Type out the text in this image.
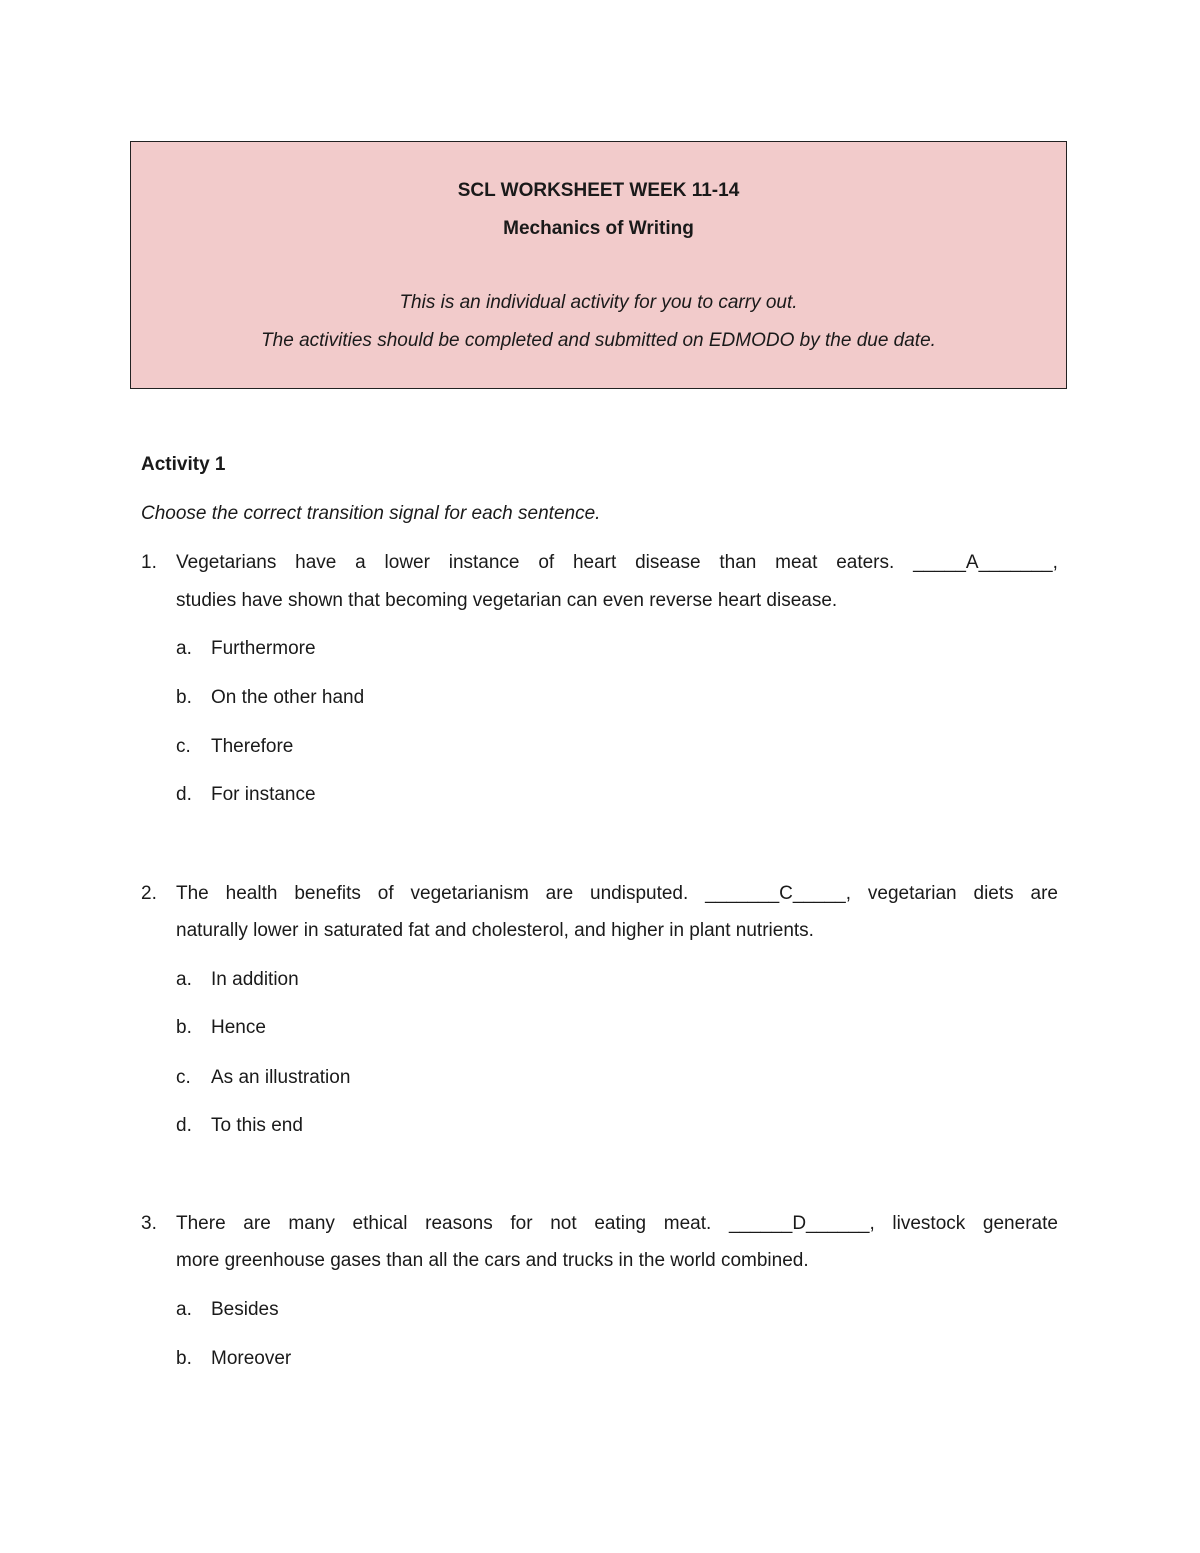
SCL WORKSHEET WEEK 11-14
Mechanics of Writing
This is an individual activity for you to carry out.
The activities should be completed and submitted on EDMODO by the due date.
Activity 1
Choose the correct transition signal for each sentence.
1. Vegetarians have a lower instance of heart disease than meat eaters. _____A_______,
studies have shown that becoming vegetarian can even reverse heart disease.
a. Furthermore
b. On the other hand
c. Therefore
d. For instance
2. The health benefits of vegetarianism are undisputed. _______C_____, vegetarian diets are
naturally lower in saturated fat and cholesterol, and higher in plant nutrients.
a. In addition
b. Hence
c. As an illustration
d. To this end
3. There are many ethical reasons for not eating meat. ______D______, livestock generate
more greenhouse gases than all the cars and trucks in the world combined.
a. Besides
b. Moreover
